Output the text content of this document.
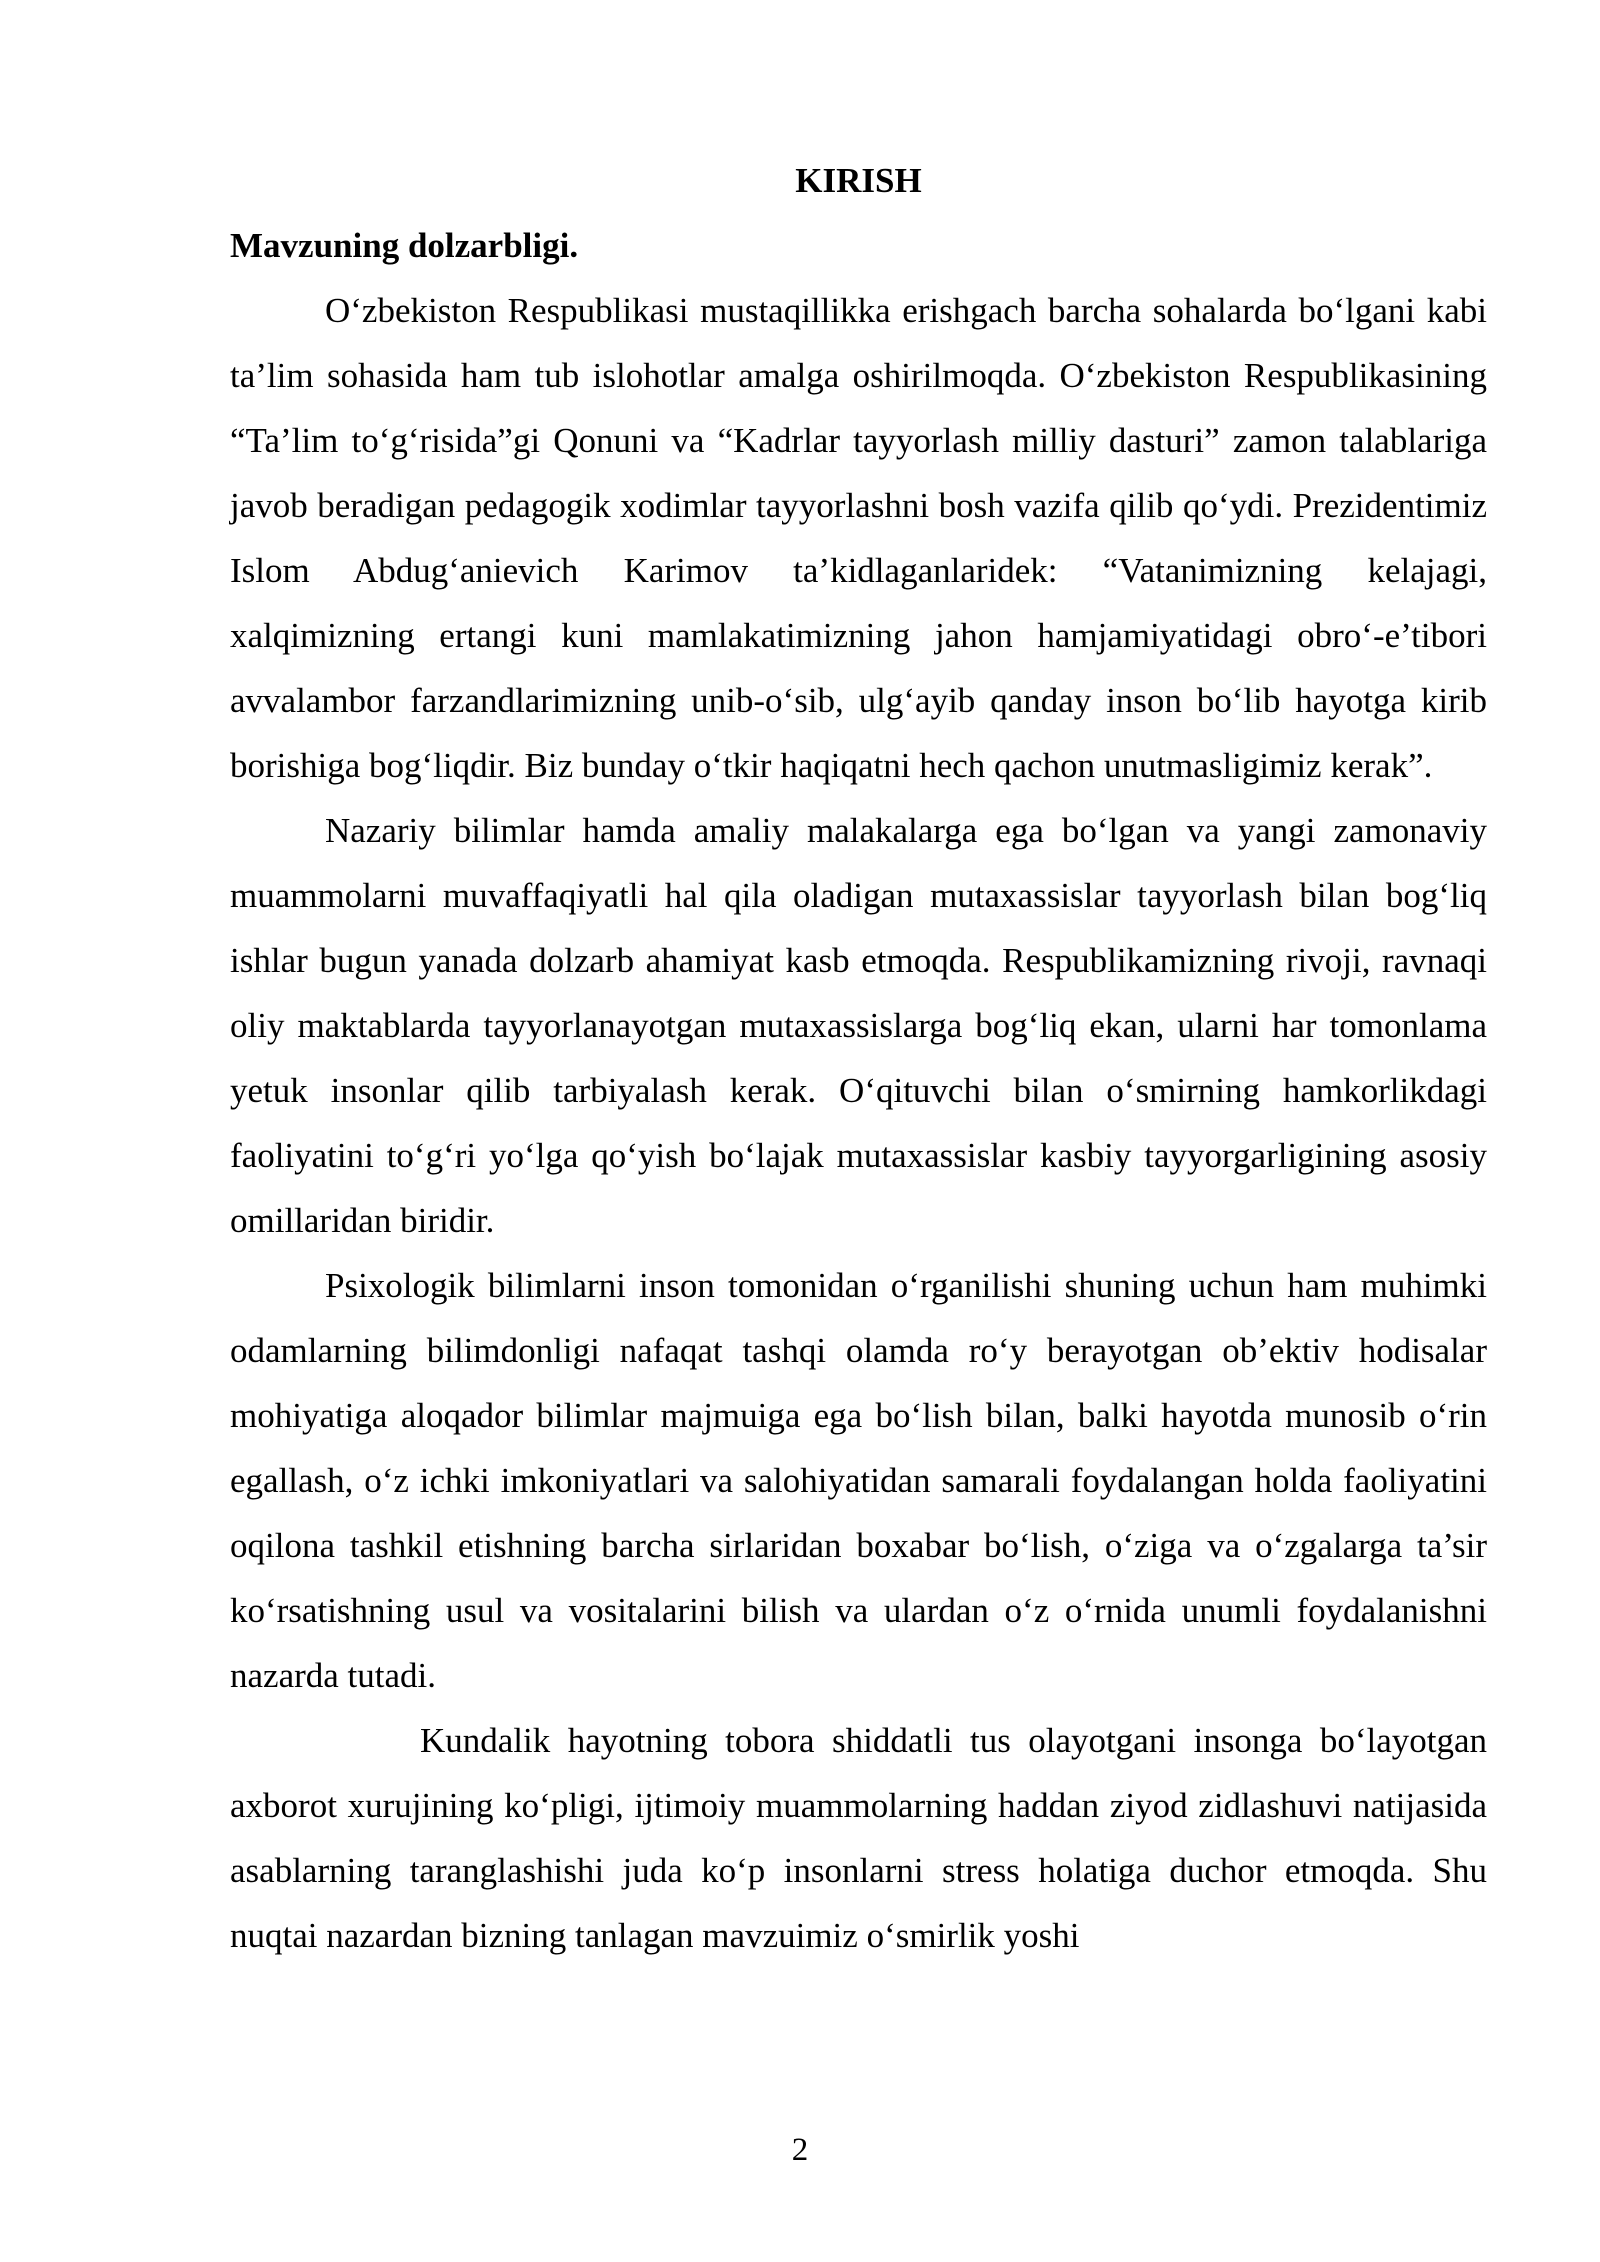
KIRISH

Mavzuning dolzarbligi.

O‘zbekiston Respublikasi mustaqillikka erishgach barcha sohalarda bo‘lgani kabi ta’lim sohasida ham tub islohotlar amalga oshirilmoqda. O‘zbekiston Respublikasining “Ta’lim to‘g‘risida”gi Qonuni va “Kadrlar tayyorlash milliy dasturi” zamon talablariga javob beradigan pedagogik xodimlar tayyorlashni bosh vazifa qilib qo‘ydi. Prezidentimiz Islom Abdug‘anievich Karimov ta’kidlaganlaridek: “Vatanimizning kelajagi, xalqimizning ertangi kuni mamlakatimizning jahon hamjamiyatidagi obro‘-e’tibori avvalambor farzandlarimizning unib-o‘sib, ulg‘ayib qanday inson bo‘lib hayotga kirib borishiga bog‘liqdir. Biz bunday o‘tkir haqiqatni hech qachon unutmasligimiz kerak”.

Nazariy bilimlar hamda amaliy malakalarga ega bo‘lgan va yangi zamonaviy muammolarni muvaffaqiyatli hal qila oladigan mutaxassislar tayyorlash bilan bog‘liq ishlar bugun yanada dolzarb ahamiyat kasb etmoqda. Respublikamizning rivoji, ravnaqi oliy maktablarda tayyorlanayotgan mutaxassislarga bog‘liq ekan, ularni har tomonlama yetuk insonlar qilib tarbiyalash kerak. O‘qituvchi bilan o‘smirning hamkorlikdagi faoliyatini to‘g‘ri yo‘lga qo‘yish bo‘lajak mutaxassislar kasbiy tayyorgarligining asosiy omillaridan biridir.

Psixologik bilimlarni inson tomonidan o‘rganilishi shuning uchun ham muhimki odamlarning bilimdonligi nafaqat tashqi olamda ro‘y berayotgan ob’ektiv hodisalar mohiyatiga aloqador bilimlar majmuiga ega bo‘lish bilan, balki hayotda munosib o‘rin egallash, o‘z ichki imkoniyatlari va salohiyatidan samarali foydalangan holda faoliyatini oqilona tashkil etishning barcha sirlaridan boxabar bo‘lish, o‘ziga va o‘zgalarga ta’sir ko‘rsatishning usul va vositalarini bilish va ulardan o‘z o‘rnida unumli foydalanishni nazarda tutadi.

Kundalik hayotning tobora shiddatli tus olayotgani insonga bo‘layotgan axborot xurujining ko‘pligi, ijtimoiy muammolarning haddan ziyod zidlashuvi natijasida asablarning taranglashishi juda ko‘p insonlarni stress holatiga duchor etmoqda. Shu nuqtai nazardan bizning tanlagan mavzuimiz o‘smirlik yoshi

2
